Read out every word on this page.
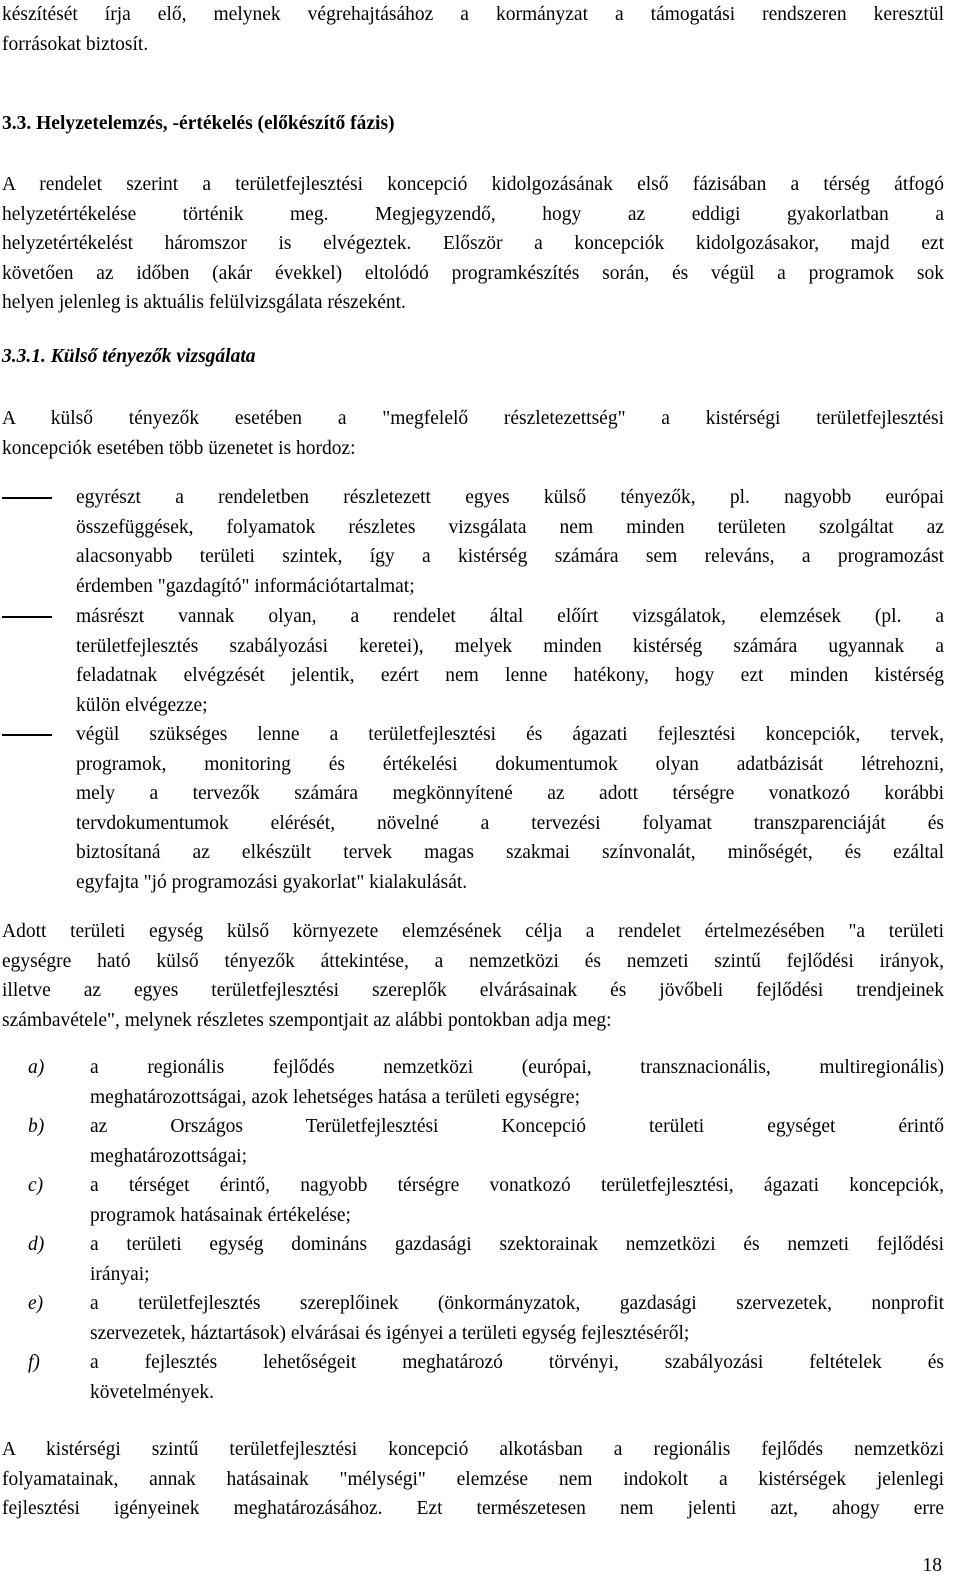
készítését írja elő, melynek végrehajtásához a kormányzat a támogatási rendszeren keresztül
forrásokat biztosít.
3.3. Helyzetelemzés, -értékelés (előkészítő fázis)
A rendelet szerint a területfejlesztési koncepció kidolgozásának első fázisában a térség átfogó
helyzetértékelése történik meg. Megjegyzendő, hogy az eddigi gyakorlatban a
helyzetértékelést háromszor is elvégeztek. Először a koncepciók kidolgozásakor, majd ezt
követően az időben (akár évekkel) eltolódó programkészítés során, és végül a programok sok
helyen jelenleg is aktuális felülvizsgálata részeként.
3.3.1. Külső tényezők vizsgálata
A külső tényezők esetében a "megfelelő részletezettség" a kistérségi területfejlesztési
koncepciók esetében több üzenetet is hordoz:
egyrészt a rendeletben részletezett egyes külső tényezők, pl. nagyobb európai
összefüggések, folyamatok részletes vizsgálata nem minden területen szolgáltat az
alacsonyabb területi szintek, így a kistérség számára sem releváns, a programozást
érdemben "gazdagító" információtartalmat;
másrészt vannak olyan, a rendelet által előírt vizsgálatok, elemzések (pl. a
területfejlesztés szabályozási keretei), melyek minden kistérség számára ugyannak a
feladatnak elvégzését jelentik, ezért nem lenne hatékony, hogy ezt minden kistérség
külön elvégezze;
végül szükséges lenne a területfejlesztési és ágazati fejlesztési koncepciók, tervek,
programok, monitoring és értékelési dokumentumok olyan adatbázisát létrehozni,
mely a tervezők számára megkönnyítené az adott térségre vonatkozó korábbi
tervdokumentumok elérését, növelné a tervezési folyamat transzparenciáját és
biztosítaná az elkészült tervek magas szakmai színvonalát, minőségét, és ezáltal
egyfajta "jó programozási gyakorlat" kialakulását.
Adott területi egység külső környezete elemzésének célja a rendelet értelmezésében "a területi
egységre ható külső tényezők áttekintése, a nemzetközi és nemzeti szintű fejlődési irányok,
illetve az egyes területfejlesztési szereplők elvárásainak és jövőbeli fejlődési trendjeinek
számbavétele", melynek részletes szempontjait az alábbi pontokban adja meg:
a) a regionális fejlődés nemzetközi (európai, transznacionális, multiregionális)
meghatározottságai, azok lehetséges hatása a területi egységre;
b) az Országos Területfejlesztési Koncepció területi egységet érintő
meghatározottságai;
c) a térséget érintő, nagyobb térségre vonatkozó területfejlesztési, ágazati koncepciók,
programok hatásainak értékelése;
d) a területi egység domináns gazdasági szektorainak nemzetközi és nemzeti fejlődési
irányai;
e) a területfejlesztés szereplőinek (önkormányzatok, gazdasági szervezetek, nonprofit
szervezetek, háztartások) elvárásai és igényei a területi egység fejlesztéséről;
f)	a fejlesztés lehetőségeit meghatározó törvényi, szabályozási feltételek és
követelmények.
A kistérségi szintű területfejlesztési koncepció alkotásban a regionális fejlődés nemzetközi
folyamatainak, annak hatásainak "mélységi" elemzése nem indokolt a kistérségek jelenlegi
fejlesztési igényeinek meghatározásához. Ezt természetesen nem jelenti azt, ahogy erre
18
